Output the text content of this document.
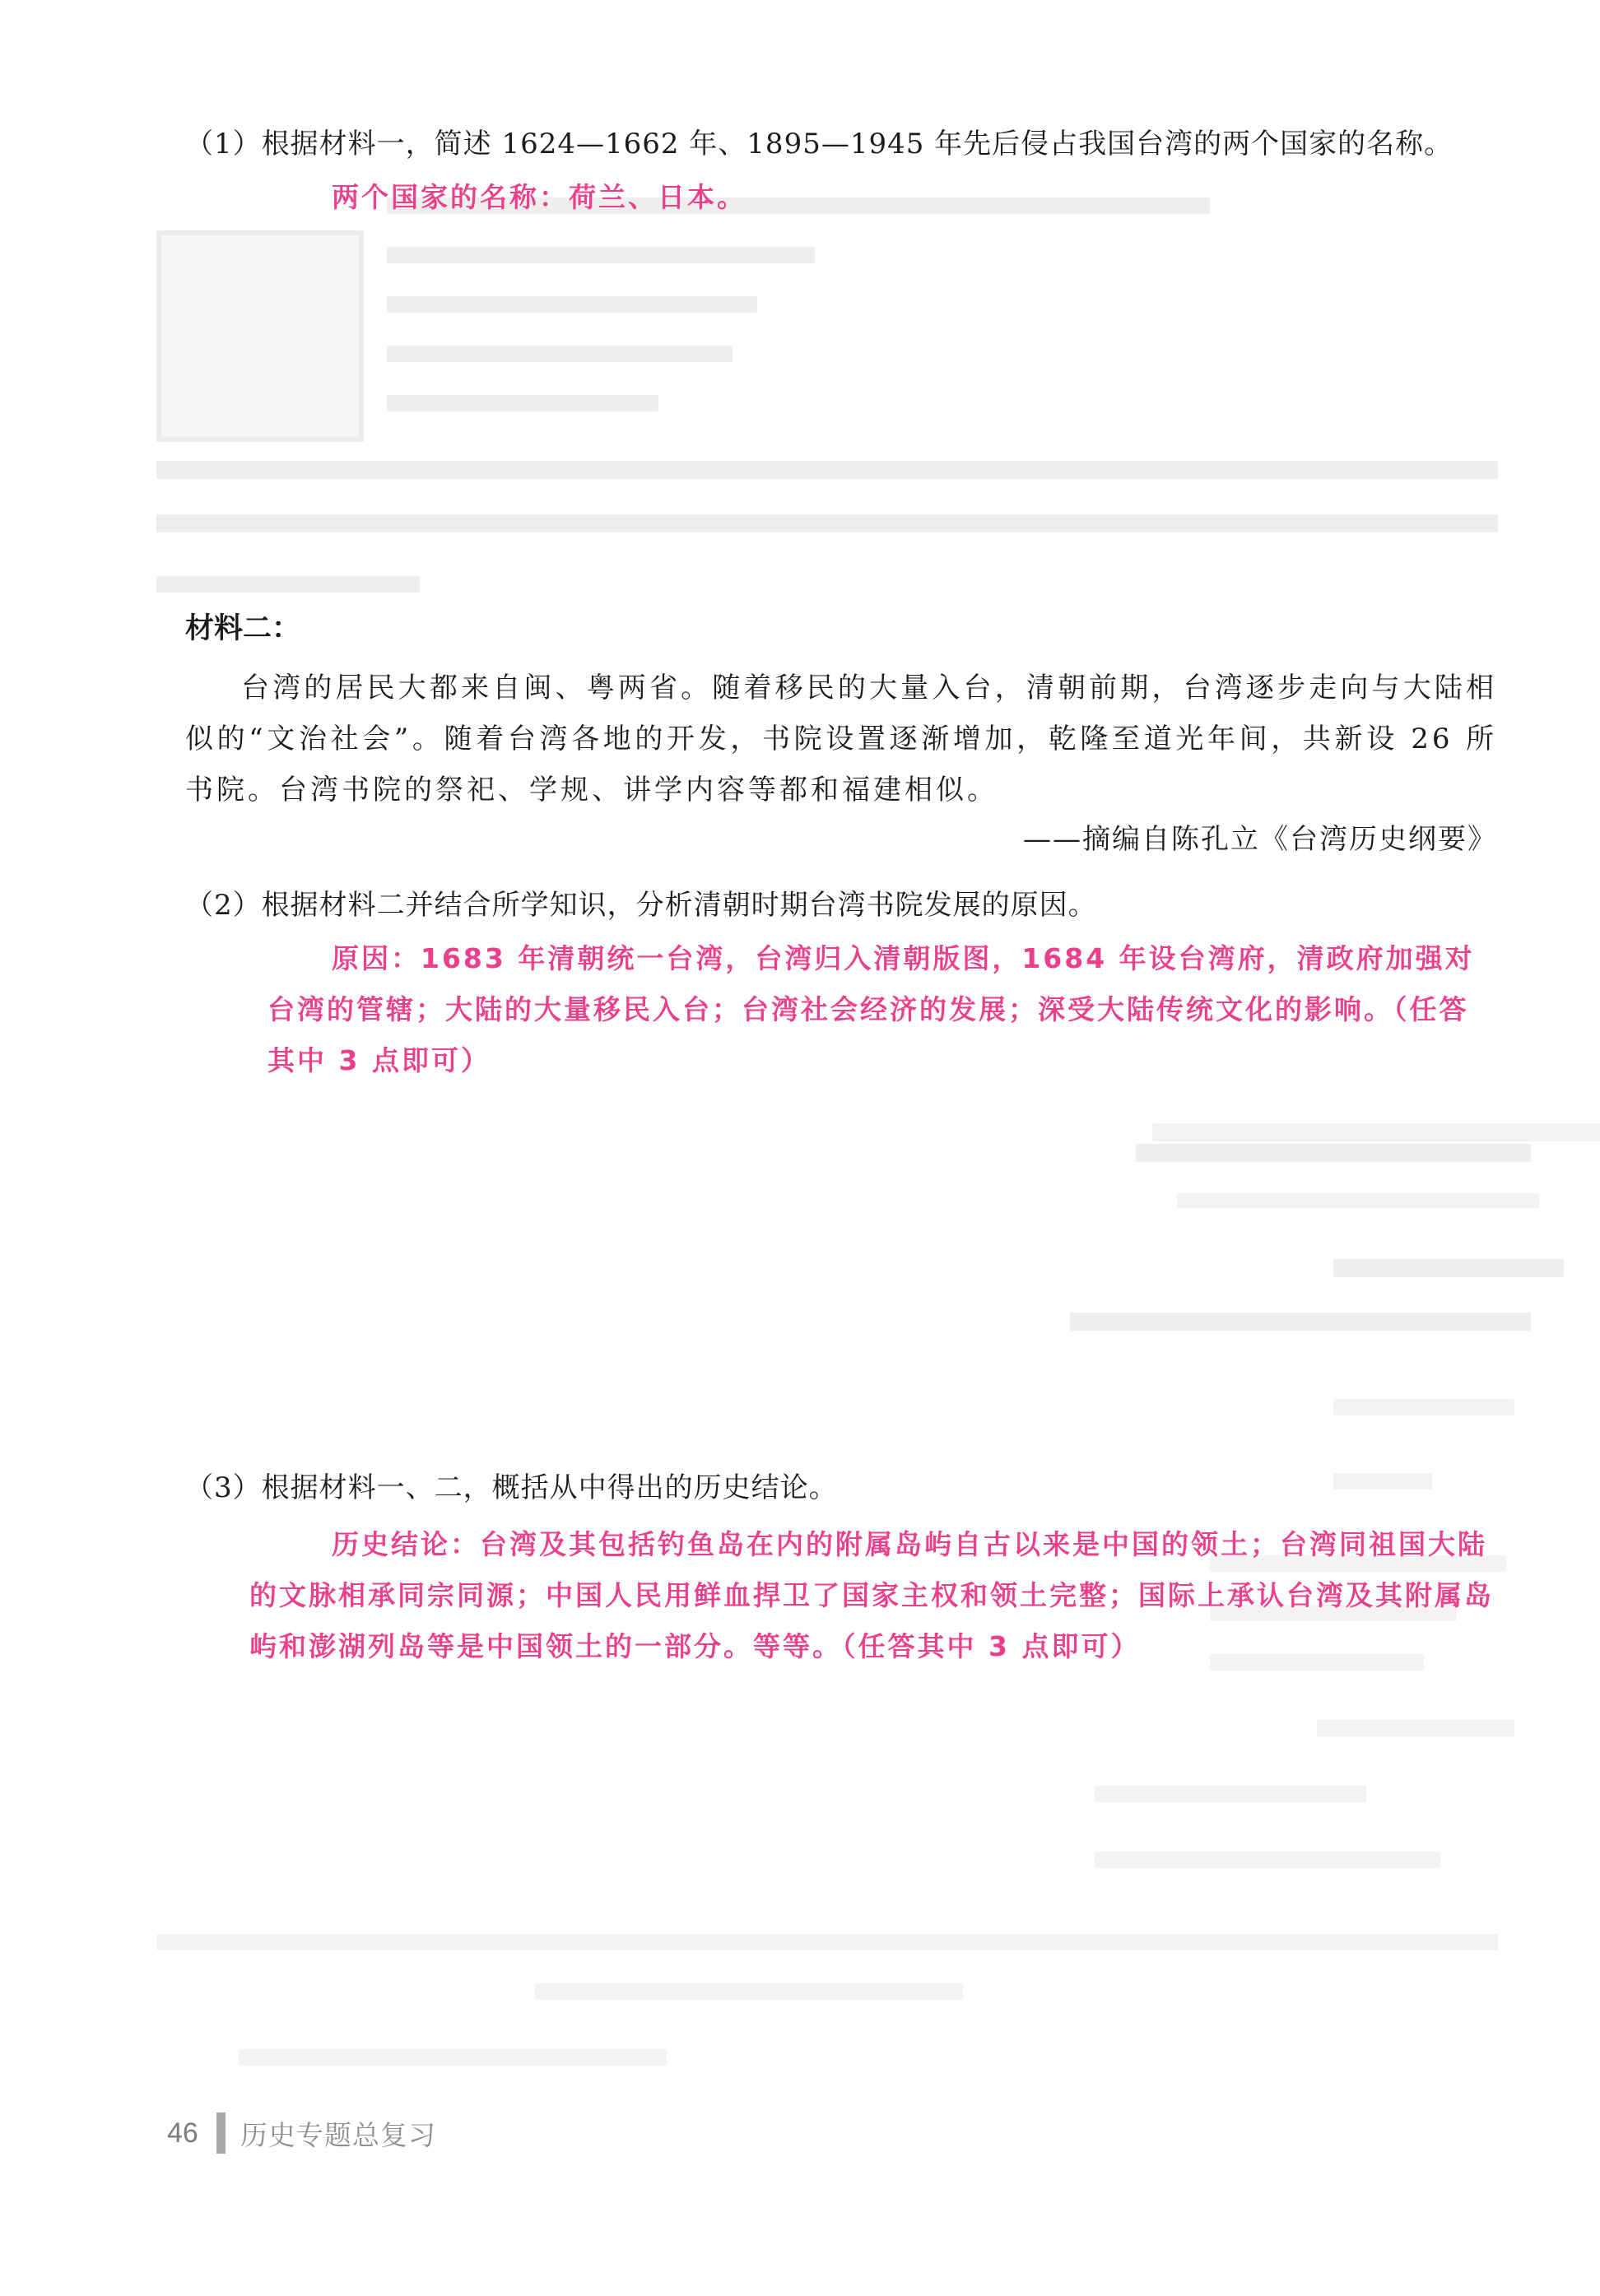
（1）根据材料一，简述 1624—1662 年、1895—1945 年先后侵占我国台湾的两个国家的名称。
两个国家的名称：荷兰、日本。
材料二：
台湾的居民大都来自闽、粤两省。随着移民的大量入台，清朝前期，台湾逐步走向与大陆相似的“文治社会”。随着台湾各地的开发，书院设置逐渐增加，乾隆至道光年间，共新设 26 所书院。台湾书院的祭祀、学规、讲学内容等都和福建相似。
——摘编自陈孔立《台湾历史纲要》
（2）根据材料二并结合所学知识，分析清朝时期台湾书院发展的原因。
原因：1683 年清朝统一台湾，台湾归入清朝版图，1684 年设台湾府，清政府加强对台湾的管辖；大陆的大量移民入台；台湾社会经济的发展；深受大陆传统文化的影响。（任答其中 3 点即可）
（3）根据材料一、二，概括从中得出的历史结论。
历史结论：台湾及其包括钓鱼岛在内的附属岛屿自古以来是中国的领土；台湾同祖国大陆的文脉相承同宗同源；中国人民用鲜血捍卫了国家主权和领土完整；国际上承认台湾及其附属岛屿和澎湖列岛等是中国领土的一部分。等等。（任答其中 3 点即可）
46 历史专题总复习
